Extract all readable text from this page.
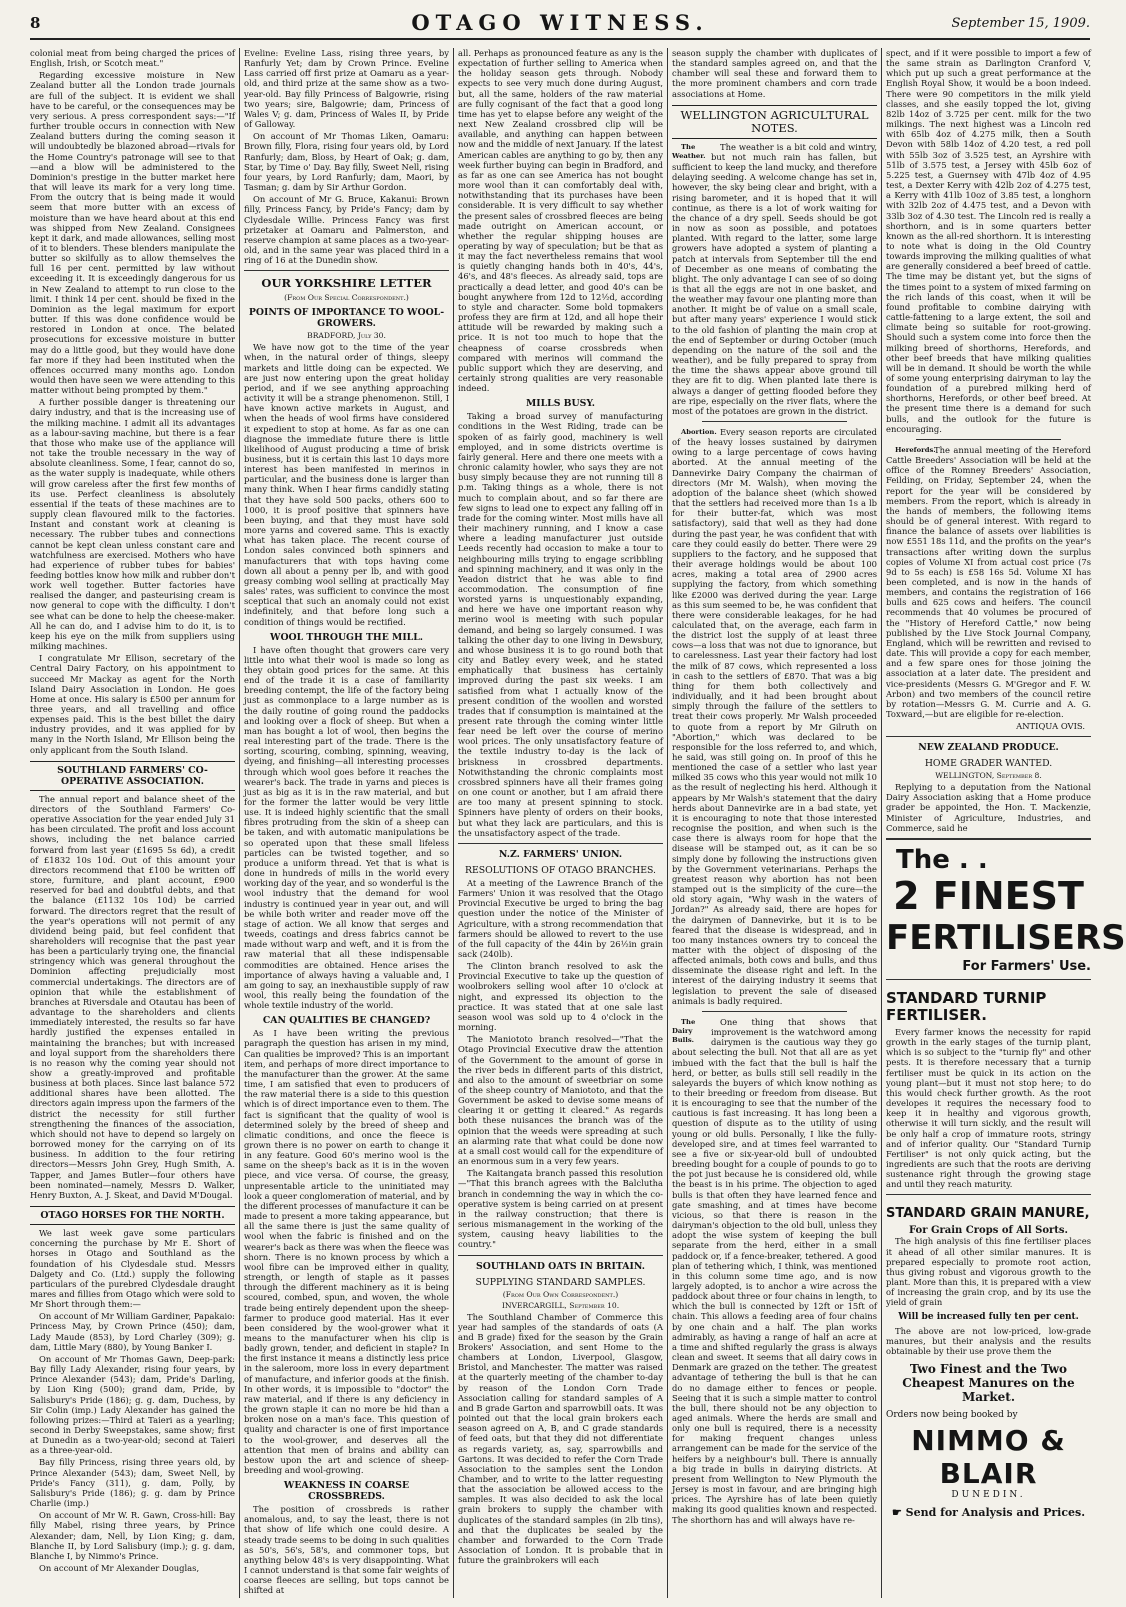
8	OTAGO WITNESS.	September 15, 1909.

colonial meat from being charged the prices of English, Irish, or Scotch meat."

Regarding excessive moisture in New Zealand butter all the London trade journals are full of the subject. It is evident we shall have to be careful, or the consequences may be very serious. A press correspondent says:—"If further trouble occurs in connection with New Zealand butters during the coming season it will undoubtedly be blazoned abroad—rivals for the Home Country's patronage will see to that—and a blow will be administered to the Dominion's prestige in the butter market here that will leave its mark for a very long time. From the outcry that is being made it would seem that more butter with an excess of moisture than we have heard about at this end was shipped from New Zealand. Consignees kept it dark, and made allowances, selling most of it to blenders. These blenders manipulate the butter so skilfully as to allow themselves the full 16 per cent. permitted by law without exceeding it. It is exceedingly dangerous for us in New Zealand to attempt to run close to the limit. I think 14 per cent. should be fixed in the Dominion as the legal maximum for export butter. If this was done confidence would be restored in London at once. The belated prosecutions for excessive moisture in butter may do a little good, but they would have done far more if they had been instituted when the offences occurred many months ago. London would then have seen we were attending to this matter without being prompted by them."

A further possible danger is threatening our dairy industry, and that is the increasing use of the milking machine. I admit all its advantages as a labour-saving machine, but there is a fear that those who make use of the appliance will not take the trouble necessary in the way of absolute cleanliness. Some, I fear, cannot do so, as the water supply is inadequate, while others will grow careless after the first few months of its use. Perfect cleanliness is absolutely essential if the teats of these machines are to supply clean flavoured milk to the factories. Instant and constant work at cleaning is necessary. The rubber tubes and connections cannot be kept clean unless constant care and watchfulness are exercised. Mothers who have had experience of rubber tubes for babies' feeding bottles know how milk and rubber don't work well together. Butter factories have realised the danger, and pasteurising cream is now general to cope with the difficulty. I don't see what can be done to help the cheese-maker. All he can do, and I advise him to do it, is to keep his eye on the milk from suppliers using milking machines.

I congratulate Mr Ellison, secretary of the Central Dairy Factory, on his appointment to succeed Mr Mackay as agent for the North Island Dairy Association in London. He goes Home at once. His salary is £500 per annum for three years, and all travelling and office expenses paid. This is the best billet the dairy industry provides, and it was applied for by many in the North Island, Mr Ellison being the only applicant from the South Island.

SOUTHLAND FARMERS' CO-OPERATIVE ASSOCIATION.

The annual report and balance sheet of the directors of the Southland Farmers' Co-operative Association for the year ended July 31 has been circulated. The profit and loss account shows, including the net balance carried forward from last year (£1695 5s 6d), a credit of £1832 10s 10d. Out of this amount your directors recommend that £100 be written off store, furniture, and plant account, £900 reserved for bad and doubtful debts, and that the balance (£1132 10s 10d) be carried forward. The directors regret that the result of the year's operations will not permit of any dividend being paid, but feel confident that shareholders will recognise that the past year has been a particularly trying one, the financial stringency which was general throughout the Dominion affecting prejudicially most commercial undertakings. The directors are of opinion that while the establishment of branches at Riversdale and Otautau has been of advantage to the shareholders and clients immediately interested, the results so far have hardly justified the expenses entailed in maintaining the branches; but with increased and loyal support from the shareholders there is no reason why the coming year should not show a greatly-improved and profitable business at both places. Since last balance 572 additional shares have been allotted. The directors again impress upon the farmers of the district the necessity for still further strengthening the finances of the association, which should not have to depend so largely on borrowed money for the carrying on of its business. In addition to the four retiring directors—Messrs John Grey, Hugh Smith, A. Tapper, and James Butler—four others have been nominated—namely, Messrs D. Walker, Henry Buxton, A. J. Skeat, and David M'Dougal.

OTAGO HORSES FOR THE NORTH.

We last week gave some particulars concerning the purchase by Mr E. Short of horses in Otago and Southland as the foundation of his Clydesdale stud. Messrs Dalgety and Co. (Ltd.) supply the following particulars of the purebred Clydesdale draught mares and fillies from Otago which were sold to Mr Short through them:—

On account of Mr William Gardiner, Papakaio: Princess May, by Crown Prince (450); dam, Lady Maude (853), by Lord Charley (309); g. dam, Little Mary (880), by Young Banker I.

On account of Mr Thomas Gawn, Deep-park: Bay filly Lady Alexander, rising four years, by Prince Alexander (543); dam, Pride's Darling, by Lion King (500); grand dam, Pride, by Salisbury's Pride (186); g. g. dam, Duchess, by Sir Colin (imp.) Lady Alexander has gained the following prizes:—Third at Taieri as a yearling; second in Derby Sweepstakes, same show; first at Dunedin as a two-year-old; second at Taieri as a three-year-old.

Bay filly Princess, rising three years old, by Prince Alexander (543); dam, Sweet Nell, by Pride's Fancy (311), g. dam, Polly, by Salisbury's Pride (186); g. g. dam by Prince Charlie (imp.)

On account of Mr W. R. Gawn, Cross-hill: Bay filly Mabel, rising three years, by Prince Alexander; dam, Nell, by Lion King; g. dam, Blanche II, by Lord Salisbury (imp.); g. g. dam, Blanche I, by Nimmo's Prince.

On account of Mr Alexander Douglas,

Eveline: Eveline Lass, rising three years, by Ranfurly Yet; dam by Crown Prince. Eveline Lass carried off first prize at Oamaru as a year-old, and third prize at the same show as a two-year-old. Bay filly Princess of Balgowrie, rising two years; sire, Balgowrie; dam, Princess of Wales V; g. dam, Princess of Wales II, by Pride of Galloway.

On account of Mr Thomas Liken, Oamaru: Brown filly, Flora, rising four years old, by Lord Ranfurly; dam, Bloss, by Heart of Oak; g. dam, Star, by Time o' Day. Bay filly, Sweet Nell, rising four years, by Lord Ranfurly; dam, Maori, by Tasman; g. dam by Sir Arthur Gordon.

On account of Mr G. Bruce, Kakanui: Brown filly, Princess Fancy, by Pride's Fancy; dam by Clydesdale Willie. Princess Fancy was first prizetaker at Oamaru and Palmerston, and reserve champion at same places as a two-year-old, and in the same year was placed third in a ring of 16 at the Dunedin show.

OUR YORKSHIRE LETTER
(From Our Special Correspondent.)
POINTS OF IMPORTANCE TO WOOL-GROWERS.
BRADFORD, July 30.

We have now got to the time of the year when, in the natural order of things, sleepy markets and little doing can be expected. We are just now entering upon the great holiday period, and if we see anything approaching activity it will be a strange phenomenon. Still, I have known active markets in August, and when the heads of wool firms have considered it expedient to stop at home. As far as one can diagnose the immediate future there is little likelihood of August producing a time of brisk business, but it is certain this last 10 days more interest has been manifested in merinos in particular, and the business done is larger than many think. When I hear firms candidly stating that they have sold 500 packs, others 600 to 1000, it is proof positive that spinners have been buying, and that they must have sold more yarns and covered same. This is exactly what has taken place. The recent course of London sales convinced both spinners and manufacturers that with tops having come down all about a penny per lb, and with good greasy combing wool selling at practically May sales' rates, was sufficient to convince the most sceptical that such an anomaly could not exist indefinitely, and that before long such a condition of things would be rectified.

WOOL THROUGH THE MILL.

I have often thought that growers care very little into what their wool is made so long as they obtain good prices for the same. At this end of the trade it is a case of familiarity breeding contempt, the life of the factory being just as commonplace to a large number as is the daily routine of going round the paddocks and looking over a flock of sheep. But when a man has bought a lot of wool, then begins the real interesting part of the trade. There is the sorting, scouring, combing, spinning, weaving, dyeing, and finishing—all interesting processes through which wool goes before it reaches the wearer's back. The trade in yarns and pieces is just as big as it is in the raw material, and but for the former the latter would be very little use. It is indeed highly scientific that the small fibres protruding from the skin of a sheep can be taken, and with automatic manipulations be so operated upon that these small lifeless particles can be twisted together, and so produce a uniform thread. Yet that is what is done in hundreds of mills in the world every working day of the year, and so wonderful is the wool industry that the demand for wool industry is continued year in year out, and will be while both writer and reader move off the stage of action. We all know that serges and tweeds, coatings and dress fabrics cannot be made without warp and weft, and it is from the raw material that all these indispensable commodities are obtained. Hence arises the importance of always having a valuable and, I am going to say, an inexhaustible supply of raw wool, this really being the foundation of the whole textile industry of the world.

CAN QUALITIES BE CHANGED?

As I have been writing the previous paragraph the question has arisen in my mind, Can qualities be improved? This is an important item, and perhaps of more direct importance to the manufacturer than the grower. At the same time, I am satisfied that even to producers of the raw material there is a side to this question which is of direct importance even to them. The fact is significant that the quality of wool is determined solely by the breed of sheep and climatic conditions, and once the fleece is grown there is no power on earth to change it in any feature. Good 60's merino wool is the same on the sheep's back as it is in the woven piece, and vice versa. Of course, the greasy, unpresentable article to the uninitiated may look a queer conglomeration of material, and by the different processes of manufacture it can be made to present a more taking appearance, but all the same there is just the same quality of wool when the fabric is finished and on the wearer's back as there was when the fleece was shorn. There is no known process by which a wool fibre can be improved either in quality, strength, or length of staple as it passes through the different machinery as it is being scoured, combed, spun, and woven, the whole trade being entirely dependent upon the sheep-farmer to produce good material. Has it ever been considered by the wool-grower what it means to the manufacturer when his clip is badly grown, tender, and deficient in staple? In the first instance it means a distinctly less price in the saleroom, more loss in every department of manufacture, and inferior goods at the finish. In other words, it is impossible to "doctor" the raw material, and if there is any deficiency in the grown staple it can no more be hid than a broken nose on a man's face. This question of quality and character is one of first importance to the wool-grower, and deserves all the attention that men of brains and ability can bestow upon the art and science of sheep-breeding and wool-growing.

WEAKNESS IN COARSE CROSSBREDS.

The position of crossbreds is rather anomalous, and, to say the least, there is not that show of life which one could desire. A steady trade seems to be doing in such qualities as 50's, 56's, 58's, and commoner tops, but anything below 48's is very disappointing. What I cannot understand is that some fair weights of coarse fleeces are selling, but tops cannot be shifted at

all. Perhaps as pronounced feature as any is the expectation of further selling to America when the holiday season gets through. Nobody expects to see very much done during August, but, all the same, holders of the raw material are fully cognisant of the fact that a good long time has yet to elapse before any weight of the next New Zealand crossbred clip will be available, and anything can happen between now and the middle of next January. If the latest American cables are anything to go by, then any week further buying can begin in Bradford, and as far as one can see America has not bought more wool than it can comfortably deal with, notwithstanding that its purchases have been considerable. It is very difficult to say whether the present sales of crossbred fleeces are being made outright on American account, or whether the regular shipping houses are operating by way of speculation; but be that as it may the fact nevertheless remains that wool is quietly changing hands both in 40's, 44's, 46's, and 48's fleeces. As already said, tops are practically a dead letter, and good 40's can be bought anywhere from 12d to 12½d, according to style and character. Some bold topmakers profess they are firm at 12d, and all hope their attitude will be rewarded by making such a price. It is not too much to hope that the cheapness of coarse crossbreds when compared with merinos will command the public support which they are deserving, and certainly strong qualities are very reasonable indeed.

MILLS BUSY.

Taking a broad survey of manufacturing conditions in the West Riding, trade can be spoken of as fairly good, machinery is well employed, and in some districts overtime is fairly general. Here and there one meets with a chronic calamity howler, who says they are not busy simply because they are not running till 8 p.m. Taking things as a whole, there is not much to complain about, and so far there are few signs to lead one to expect any falling off in trade for the coming winter. Most mills have all their machinery running, and I know a case where a leading manufacturer just outside Leeds recently had occasion to make a tour to neighbouring mills trying to engage scribbling and spinning machinery, and it was only in the Yeadon district that he was able to find accommodation. The consumption of fine worsted yarns is unquestionably expanding, and here we have one important reason why merino wool is meeting with such popular demand, and being so largely consumed. I was talking the other day to one living in Dewsbury, and whose business it is to go round both that city and Batley every week, and he stated emphatically that business has certainly improved during the past six weeks. I am satisfied from what I actually know of the present condition of the woollen and worsted trades that if consumption is maintained at the present rate through the coming winter little fear need be left over the course of merino wool prices. The only unsatisfactory feature of the textile industry to-day is the lack of briskness in crossbred departments. Notwithstanding the chronic complaints most crossbred spinners have all their frames going on one count or another, but I am afraid there are too many at present spinning to stock. Spinners have plenty of orders on their books, but what they lack are particulars, and this is the unsatisfactory aspect of the trade.

N.Z. FARMERS' UNION.
RESOLUTIONS OF OTAGO BRANCHES.

At a meeting of the Lawrence Branch of the Farmers' Union it was resolved that the Otago Provincial Executive be urged to bring the bag question under the notice of the Minister of Agriculture, with a strong recommendation that farmers should be allowed to revert to the use of the full capacity of the 44in by 26½in grain sack (240lb).

The Clinton branch resolved to ask the Provincial Executive to take up the question of woolbrokers selling wool after 10 o'clock at night, and expressed its objection to the practice. It was stated that at one sale last season wool was sold up to 4 o'clock in the morning.

The Maniototo branch resolved—"That the Otago Provincial Executive draw the attention of the Government to the amount of gorse in the river beds in different parts of this district, and also to the amount of sweetbriar on some of the sheep country of Maniototo, and that the Government be asked to devise some means of clearing it or getting it cleared." As regards both these nuisances the branch was of the opinion that the weeds were spreading at such an alarming rate that what could be done now at a small cost would call for the expenditure of an enormous sum in a very few years.

The Kaitangata branch passed this resolution—"That this branch agrees with the Balclutha branch in condemning the way in which the co-operative system is being carried on at present in the railway construction; that there is serious mismanagement in the working of the system, causing heavy liabilities to the country."

SOUTHLAND OATS IN BRITAIN.
SUPPLYING STANDARD SAMPLES.
(From Our Own Correspondent.)
INVERCARGILL, September 10.

The Southland Chamber of Commerce this year had samples of the standards of oats (A and B grade) fixed for the season by the Grain Brokers' Association, and sent Home to the chambers at London, Liverpool, Glasgow, Bristol, and Manchester. The matter was raised at the quarterly meeting of the chamber to-day by reason of the London Corn Trade Association calling for standard samples of A and B grade Garton and sparrowbill oats. It was pointed out that the local grain brokers each season agreed on A, B, and C grade standards of feed oats, but that they did not differentiate as regards variety, as, say, sparrowbills and Gartons. It was decided to refer the Corn Trade Association to the samples sent the London Chamber, and to write to the latter requesting that the association be allowed access to the samples. It was also decided to ask the local grain brokers to supply the chamber with duplicates of the standard samples (in 2lb tins), and that the duplicates be sealed by the chamber and forwarded to the Corn Trade Association of London. It is probable that in future the grainbrokers will each

season supply the chamber with duplicates of the standard samples agreed on, and that the chamber will seal these and forward them to the more prominent chambers and corn trade associations at Home.

WELLINGTON AGRICULTURAL NOTES.

The Weather.
The weather is a bit cold and wintry, but not much rain has fallen, but sufficient to keep the land mucky, and therefore delaying seeding. A welcome change has set in, however, the sky being clear and bright, with a rising barometer, and it is hoped that it will continue, as there is a lot of work waiting for the chance of a dry spell. Seeds should be got in now as soon as possible, and potatoes planted. With regard to the latter, some large growers have adopted a system of planting a patch at intervals from September till the end of December as one means of combating the blight. The only advantage I can see of so doing is that all the eggs are not in one basket, and the weather may favour one planting more than another. It might be of value on a small scale, but after many years' experience I would stick to the old fashion of planting the main crop at the end of September or during October (much depending on the nature of the soil and the weather), and be fully prepared to spray from the time the shaws appear above ground till they are fit to dig. When planted late there is always a danger of getting flooded before they are ripe, especially on the river flats, where the most of the potatoes are grown in the district.

Abortion. Every season reports are circulated of the heavy losses sustained by dairymen owing to a large percentage of cows having aborted. At the annual meeting of the Dannevirke Dairy Company the chairman of directors (Mr M. Walsh), when moving the adoption of the balance sheet (which showed that the settlers had received more than 1s a lb for their butter-fat, which was most satisfactory), said that well as they had done during the past year, he was confident that with care they could easily do better. There were 29 suppliers to the factory, and he supposed that their average holdings would be about 100 acres, making a total area of 2900 acres supplying the factory, from which something like £2000 was derived during the year. Large as this sum seemed to be, he was confident that there were considerable leakages, for he had calculated that, on the average, each farm in the district lost the supply of at least three cows—a loss that was not due to ignorance, but to carelessness. Last year their factory had lost the milk of 87 cows, which represented a loss in cash to the settlers of £870. That was a big thing for them both collectively and individually, and it had been brought about simply through the failure of the settlers to treat their cows properly. Mr Walsh proceeded to quote from a report by Mr Gilruth on "Abortion," which was declared to be responsible for the loss referred to, and which, he said, was still going on. In proof of this he mentioned the case of a settler who last year milked 35 cows who this year would not milk 10 as the result of neglecting his herd. Although it appears by Mr Walsh's statement that the dairy herds about Dannevirke are in a bad state, yet it is encouraging to note that those interested recognise the position, and when such is the case there is always room for hope that the disease will be stamped out, as it can be so simply done by following the instructions given by the Government veterinarians. Perhaps the greatest reason why abortion has not been stamped out is the simplicity of the cure—the old story again, "Why wash in the waters of Jordan?" As already said, there are hopes for the dairymen of Dannevirke, but it is to be feared that the disease is widespread, and in too many instances owners try to conceal the matter with the object of disposing of the affected animals, both cows and bulls, and thus disseminate the disease right and left. In the interest of the dairying industry it seems that legislation to prevent the sale of diseased animals is badly required.

The Dairy Bulls.
One thing that shows that improvement is the watchword among dairymen is the cautious way they go about selecting the bull. Not that all are as yet imbued with the fact that the bull is half the herd, or better, as bulls still sell readily in the saleyards the buyers of which know nothing as to their breeding or freedom from disease. But it is encouraging to see that the number of the cautious is fast increasing. It has long been a question of dispute as to the utility of using young or old bulls. Personally, I like the fully-developed sire, and at times feel warranted to see a five or six-year-old bull of undoubted breeding bought for a couple of pounds to go to the pot just because he is considered old, while the beast is in his prime. The objection to aged bulls is that often they have learned fence and gate smashing, and at times have become vicious, so that there is reason in the dairyman's objection to the old bull, unless they adopt the wise system of keeping the bull separate from the herd, either in a small paddock or, if a fence-breaker, tethered. A good plan of tethering which, I think, was mentioned in this column some time ago, and is now largely adopted, is to anchor a wire across the paddock about three or four chains in length, to which the bull is connected by 12ft or 15ft of chain. This allows a feeding area of four chains by one chain and a half. The plan works admirably, as having a range of half an acre at a time and shifted regularly the grass is always clean and sweet. It seems that all dairy cows in Denmark are grazed on the tether. The greatest advantage of tethering the bull is that he can do no damage either to fences or people. Seeing that it is such a simple matter to control the bull, there should not be any objection to aged animals. Where the herds are small and only one bull is required, there is a necessity for making frequent changes unless arrangement can be made for the service of the heifers by a neighbour's bull. There is annually a big trade in bulls in dairying districts. At present from Wellington to New Plymouth the Jersey is most in favour, and are bringing high prices. The Ayrshire has of late been quietly making its good qualities known and respected. The shorthorn has and will always have re-

spect, and if it were possible to import a few of the same strain as Darlington Cranford V, which put up such a great performance at the English Royal Show, it would be a boon indeed. There were 90 competitors in the milk yield classes, and she easily topped the lot, giving 82lb 14oz of 3.725 per cent. milk for the two milkings. The next highest was a Lincoln red with 65lb 4oz of 4.275 milk, then a South Devon with 58lb 14oz of 4.20 test, a red poll with 55lb 3oz of 3.525 test, an Ayrshire with 51lb of 3.575 test, a Jersey with 45lb 6oz of 5.225 test, a Guernsey with 47lb 4oz of 4.95 test, a Dexter Kerry with 42lb 2oz of 4.275 test, a Kerry with 41lb 10oz of 3.85 test, a longhorn with 32lb 2oz of 4.475 test, and a Devon with 33lb 3oz of 4.30 test. The Lincoln red is really a shorthorn, and is in some quarters better known as the all-red shorthorn. It is interesting to note what is doing in the Old Country towards improving the milking qualities of what are generally considered a beef breed of cattle. The time may be distant yet, but the signs of the times point to a system of mixed farming on the rich lands of this coast, when it will be found profitable to combine dairying with cattle-fattening to a large extent, the soil and climate being so suitable for root-growing. Should such a system come into force then the milking breed of shorthorns, Herefords, and other beef breeds that have milking qualities will be in demand. It should be worth the while of some young enterprising dairyman to lay the foundation of a purebred milking herd of shorthorns, Herefords, or other beef breed. At the present time there is a demand for such bulls, and the outlook for the future is encouraging.

Herefords.
The annual meeting of the Hereford Cattle Breeders' Association will be held at the office of the Romney Breeders' Association, Feilding, on Friday, September 24, when the report for the year will be considered by members. From the report, which is already in the hands of members, the following items should be of general interest. With regard to finance the balance of assets over liabilities is now £551 18s 11d, and the profits on the year's transactions after writing down the surplus copies of Volume XI from actual cost price (7s 9d to 5s each) is £58 16s 5d. Volume XI has been completed, and is now in the hands of members, and contains the registration of 166 bulls and 625 cows and heifers. The council recommends that 40 volumes be procured of the "History of Hereford Cattle," now being published by the Live Stock Journal Company, England, which will be rewritten and revised to date. This will provide a copy for each member, and a few spare ones for those joining the association at a later date. The president and vice-presidents (Messrs G. M'Gregor and F. W. Arbon) and two members of the council retire by rotation—Messrs G. M. Currie and A. G. Toxward,—but are eligible for re-election.

ANTIQUA OVIS.
NEW ZEALAND PRODUCE.
HOME GRADER WANTED.
WELLINGTON, September 8.

Replying to a deputation from the National Dairy Association asking that a Home produce grader be appointed, the Hon. T. Mackenzie, Minister of Agriculture, Industries, and Commerce, said he

The . .
2 FINEST
FERTILISERS
For Farmers' Use.
STANDARD TURNIP
FERTILISER.

Every farmer knows the necessity for rapid growth in the early stages of the turnip plant, which is so subject to the "turnip fly" and other pests. It is therefore necessary that a turnip fertiliser must be quick in its action on the young plant—but it must not stop here; to do this would check further growth. As the root developes it requires the necessary food to keep it in healthy and vigorous growth, otherwise it will turn sickly, and the result will be only half a crop of immature roots, stringy and of inferior quality. Our "Standard Turnip Fertiliser" is not only quick acting, but the ingredients are such that the roots are deriving sustenance right through the growing stage and until they reach maturity.

STANDARD GRAIN MANURE,
For Grain Crops of All Sorts.

The high analysis of this fine fertiliser places it ahead of all other similar manures. It is prepared especially to promote root action, thus giving robust and vigorous growth to the plant. More than this, it is prepared with a view of increasing the grain crop, and by its use the yield of grain

Will be increased fully ten per cent.

The above are not low-priced, low-grade manures, but their analysis and the results obtainable by their use prove them the

Two Finest and the Two Cheapest Manures on the Market.
Orders now being booked by
NIMMO & BLAIR
DUNEDIN.
☛ Send for Analysis and Prices.
